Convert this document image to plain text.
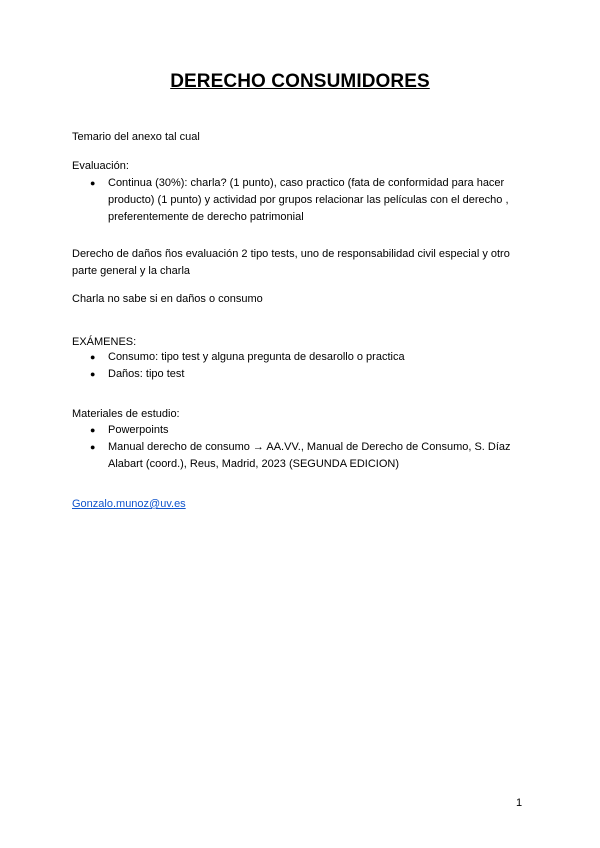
DERECHO CONSUMIDORES
Temario del anexo tal cual
Evaluación:
● Continua (30%): charla? (1 punto), caso practico (fata de conformidad para hacer producto) (1 punto) y actividad por grupos relacionar las películas con el derecho , preferentemente de derecho patrimonial
Derecho de daños ños evaluación 2 tipo tests, uno de responsabilidad civil especial y otro parte general y la charla
Charla no sabe si en daños o consumo
EXÁMENES:
● Consumo: tipo test y alguna pregunta de desarollo o practica
● Daños: tipo test
Materiales de estudio:
● Powerpoints
● Manual derecho de consumo → AA.VV., Manual de Derecho de Consumo, S. Díaz Alabart (coord.), Reus, Madrid, 2023 (SEGUNDA EDICION)
Gonzalo.munoz@uv.es
1
